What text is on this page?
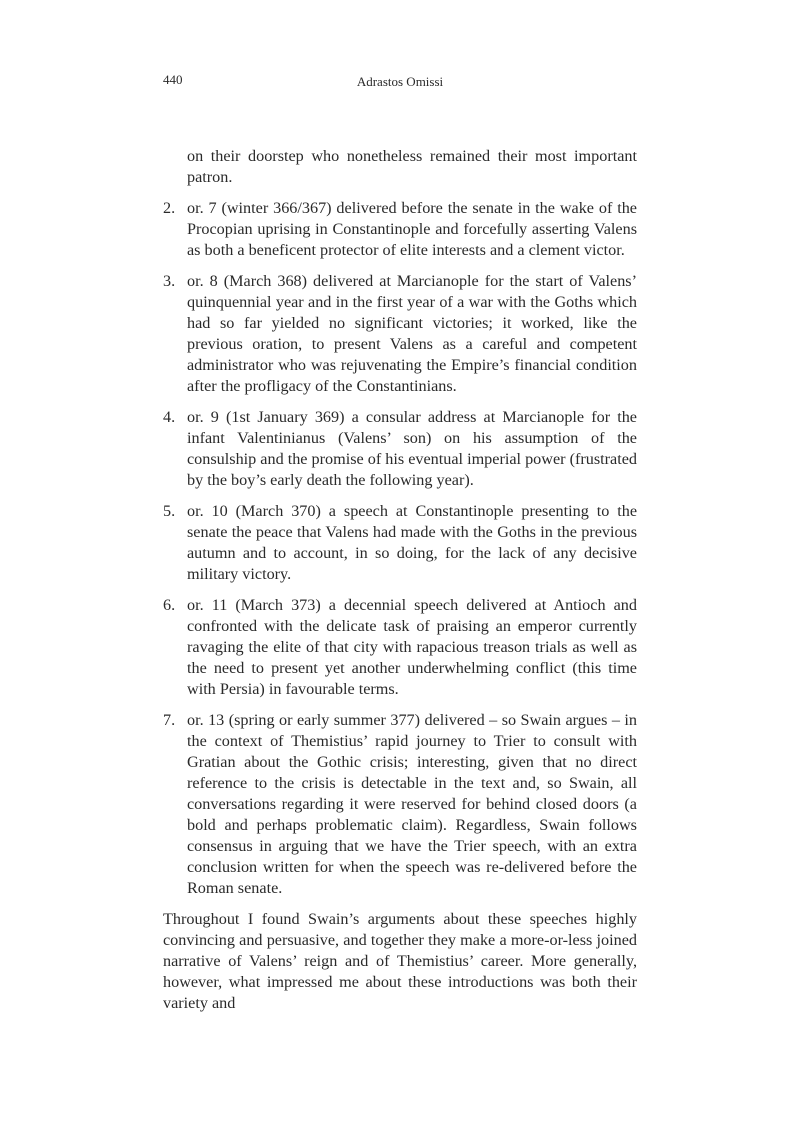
440	Adrastos Omissi

on their doorstep who nonetheless remained their most important patron.

2. or. 7 (winter 366/367) delivered before the senate in the wake of the Procopian uprising in Constantinople and forcefully asserting Valens as both a beneficent protector of elite interests and a clement victor.
3. or. 8 (March 368) delivered at Marcianople for the start of Valens’ quinquennial year and in the first year of a war with the Goths which had so far yielded no significant victories; it worked, like the previous oration, to present Valens as a careful and competent administrator who was rejuvenating the Empire’s financial condition after the profligacy of the Constantinians.
4. or. 9 (1st January 369) a consular address at Marcianople for the infant Valentinianus (Valens’ son) on his assumption of the consulship and the promise of his eventual imperial power (frustrated by the boy’s early death the following year).
5. or. 10 (March 370) a speech at Constantinople presenting to the senate the peace that Valens had made with the Goths in the previous autumn and to account, in so doing, for the lack of any decisive military victory.
6. or. 11 (March 373) a decennial speech delivered at Antioch and confronted with the delicate task of praising an emperor currently ravaging the elite of that city with rapacious treason trials as well as the need to present yet another underwhelming conflict (this time with Persia) in favourable terms.
7. or. 13 (spring or early summer 377) delivered – so Swain argues – in the context of Themistius’ rapid journey to Trier to consult with Gratian about the Gothic crisis; interesting, given that no direct reference to the crisis is detectable in the text and, so Swain, all conversations regarding it were reserved for behind closed doors (a bold and perhaps problematic claim). Regardless, Swain follows consensus in arguing that we have the Trier speech, with an extra conclusion written for when the speech was re-delivered before the Roman senate.

Throughout I found Swain’s arguments about these speeches highly convincing and persuasive, and together they make a more-or-less joined narrative of Valens’ reign and of Themistius’ career. More generally, however, what impressed me about these introductions was both their variety and
